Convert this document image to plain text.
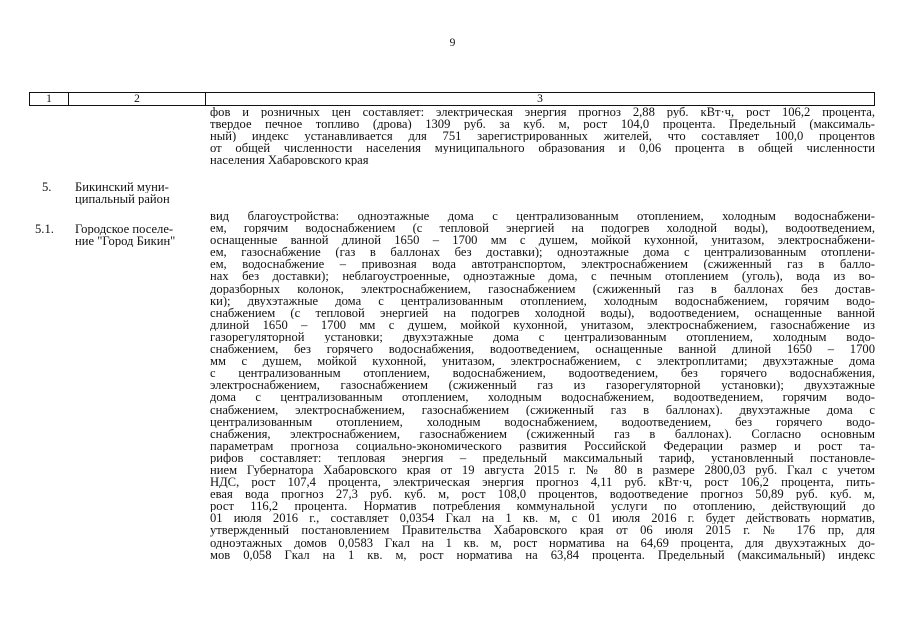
9
1	2	3
фов и розничных цен составляет: электрическая энергия прогноз 2,88 руб. кВт·ч, рост 106,2 процента,
твердое печное топливо (дрова) 1309 руб. за куб. м, рост 104,0 процента. Предельный (максималь-
ный) индекс устанавливается для 751 зарегистрированных жителей, что составляет 100,0 процентов
от общей численности населения муниципального образования и 0,06 процента в общей численности
населения Хабаровского края
5. Бикинский муни-
ципальный район
5.1. Городское поселе-
ние "Город Бикин"
вид благоустройства: одноэтажные дома с централизованным отоплением, холодным водоснабжени-
ем, горячим водоснабжением (с тепловой энергией на подогрев холодной воды), водоотведением,
оснащенные ванной длиной 1650 – 1700 мм с душем, мойкой кухонной, унитазом, электроснабжени-
ем, газоснабжение (газ в баллонах без доставки); одноэтажные дома с централизованным отоплени-
ем, водоснабжение – привозная вода автотранспортом, электроснабжением (сжиженный газ в балло-
нах без доставки); неблагоустроенные, одноэтажные дома, с печным отоплением (уголь), вода из во-
доразборных колонок, электроснабжением, газоснабжением (сжиженный газ в баллонах без достав-
ки); двухэтажные дома с централизованным отоплением, холодным водоснабжением, горячим водо-
снабжением (с тепловой энергией на подогрев холодной воды), водоотведением, оснащенные ванной
длиной 1650 – 1700 мм с душем, мойкой кухонной, унитазом, электроснабжением, газоснабжение из
газорегуляторной установки; двухэтажные дома с централизованным отоплением, холодным водо-
снабжением, без горячего водоснабжения, водоотведением, оснащенные ванной длиной 1650 – 1700
мм с душем, мойкой кухонной, унитазом, электроснабжением, с электроплитами; двухэтажные дома
с централизованным отоплением, водоснабжением, водоотведением, без горячего водоснабжения,
электроснабжением, газоснабжением (сжиженный газ из газорегуляторной установки); двухэтажные
дома с централизованным отоплением, холодным водоснабжением, водоотведением, горячим водо-
снабжением, электроснабжением, газоснабжением (сжиженный газ в баллонах). двухэтажные дома с
централизованным отоплением, холодным водоснабжением, водоотведением, без горячего водо-
снабжения, электроснабжением, газоснабжением (сжиженный газ в баллонах). Согласно основным
параметрам прогноза социально-экономического развития Российской Федерации размер и рост та-
рифов составляет: тепловая энергия – предельный максимальный тариф, установленный постановле-
нием Губернатора Хабаровского края от 19 августа 2015 г. № 80 в размере 2800,03 руб. Гкал с учетом
НДС, рост 107,4 процента, электрическая энергия прогноз 4,11 руб. кВт·ч, рост 106,2 процента, пить-
евая вода прогноз 27,3 руб. куб. м, рост 108,0 процентов, водоотведение прогноз 50,89 руб. куб. м,
рост 116,2 процента. Норматив потребления коммунальной услуги по отоплению, действующий до
01 июля 2016 г., составляет 0,0354 Гкал на 1 кв. м, с 01 июля 2016 г. будет действовать норматив,
утвержденный постановлением Правительства Хабаровского края от 06 июля 2015 г. № 176 пр, для
одноэтажных домов 0,0583 Гкал на 1 кв. м, рост норматива на 64,69 процента, для двухэтажных до-
мов 0,058 Гкал на 1 кв. м, рост норматива на 63,84 процента. Предельный (максимальный) индекс
